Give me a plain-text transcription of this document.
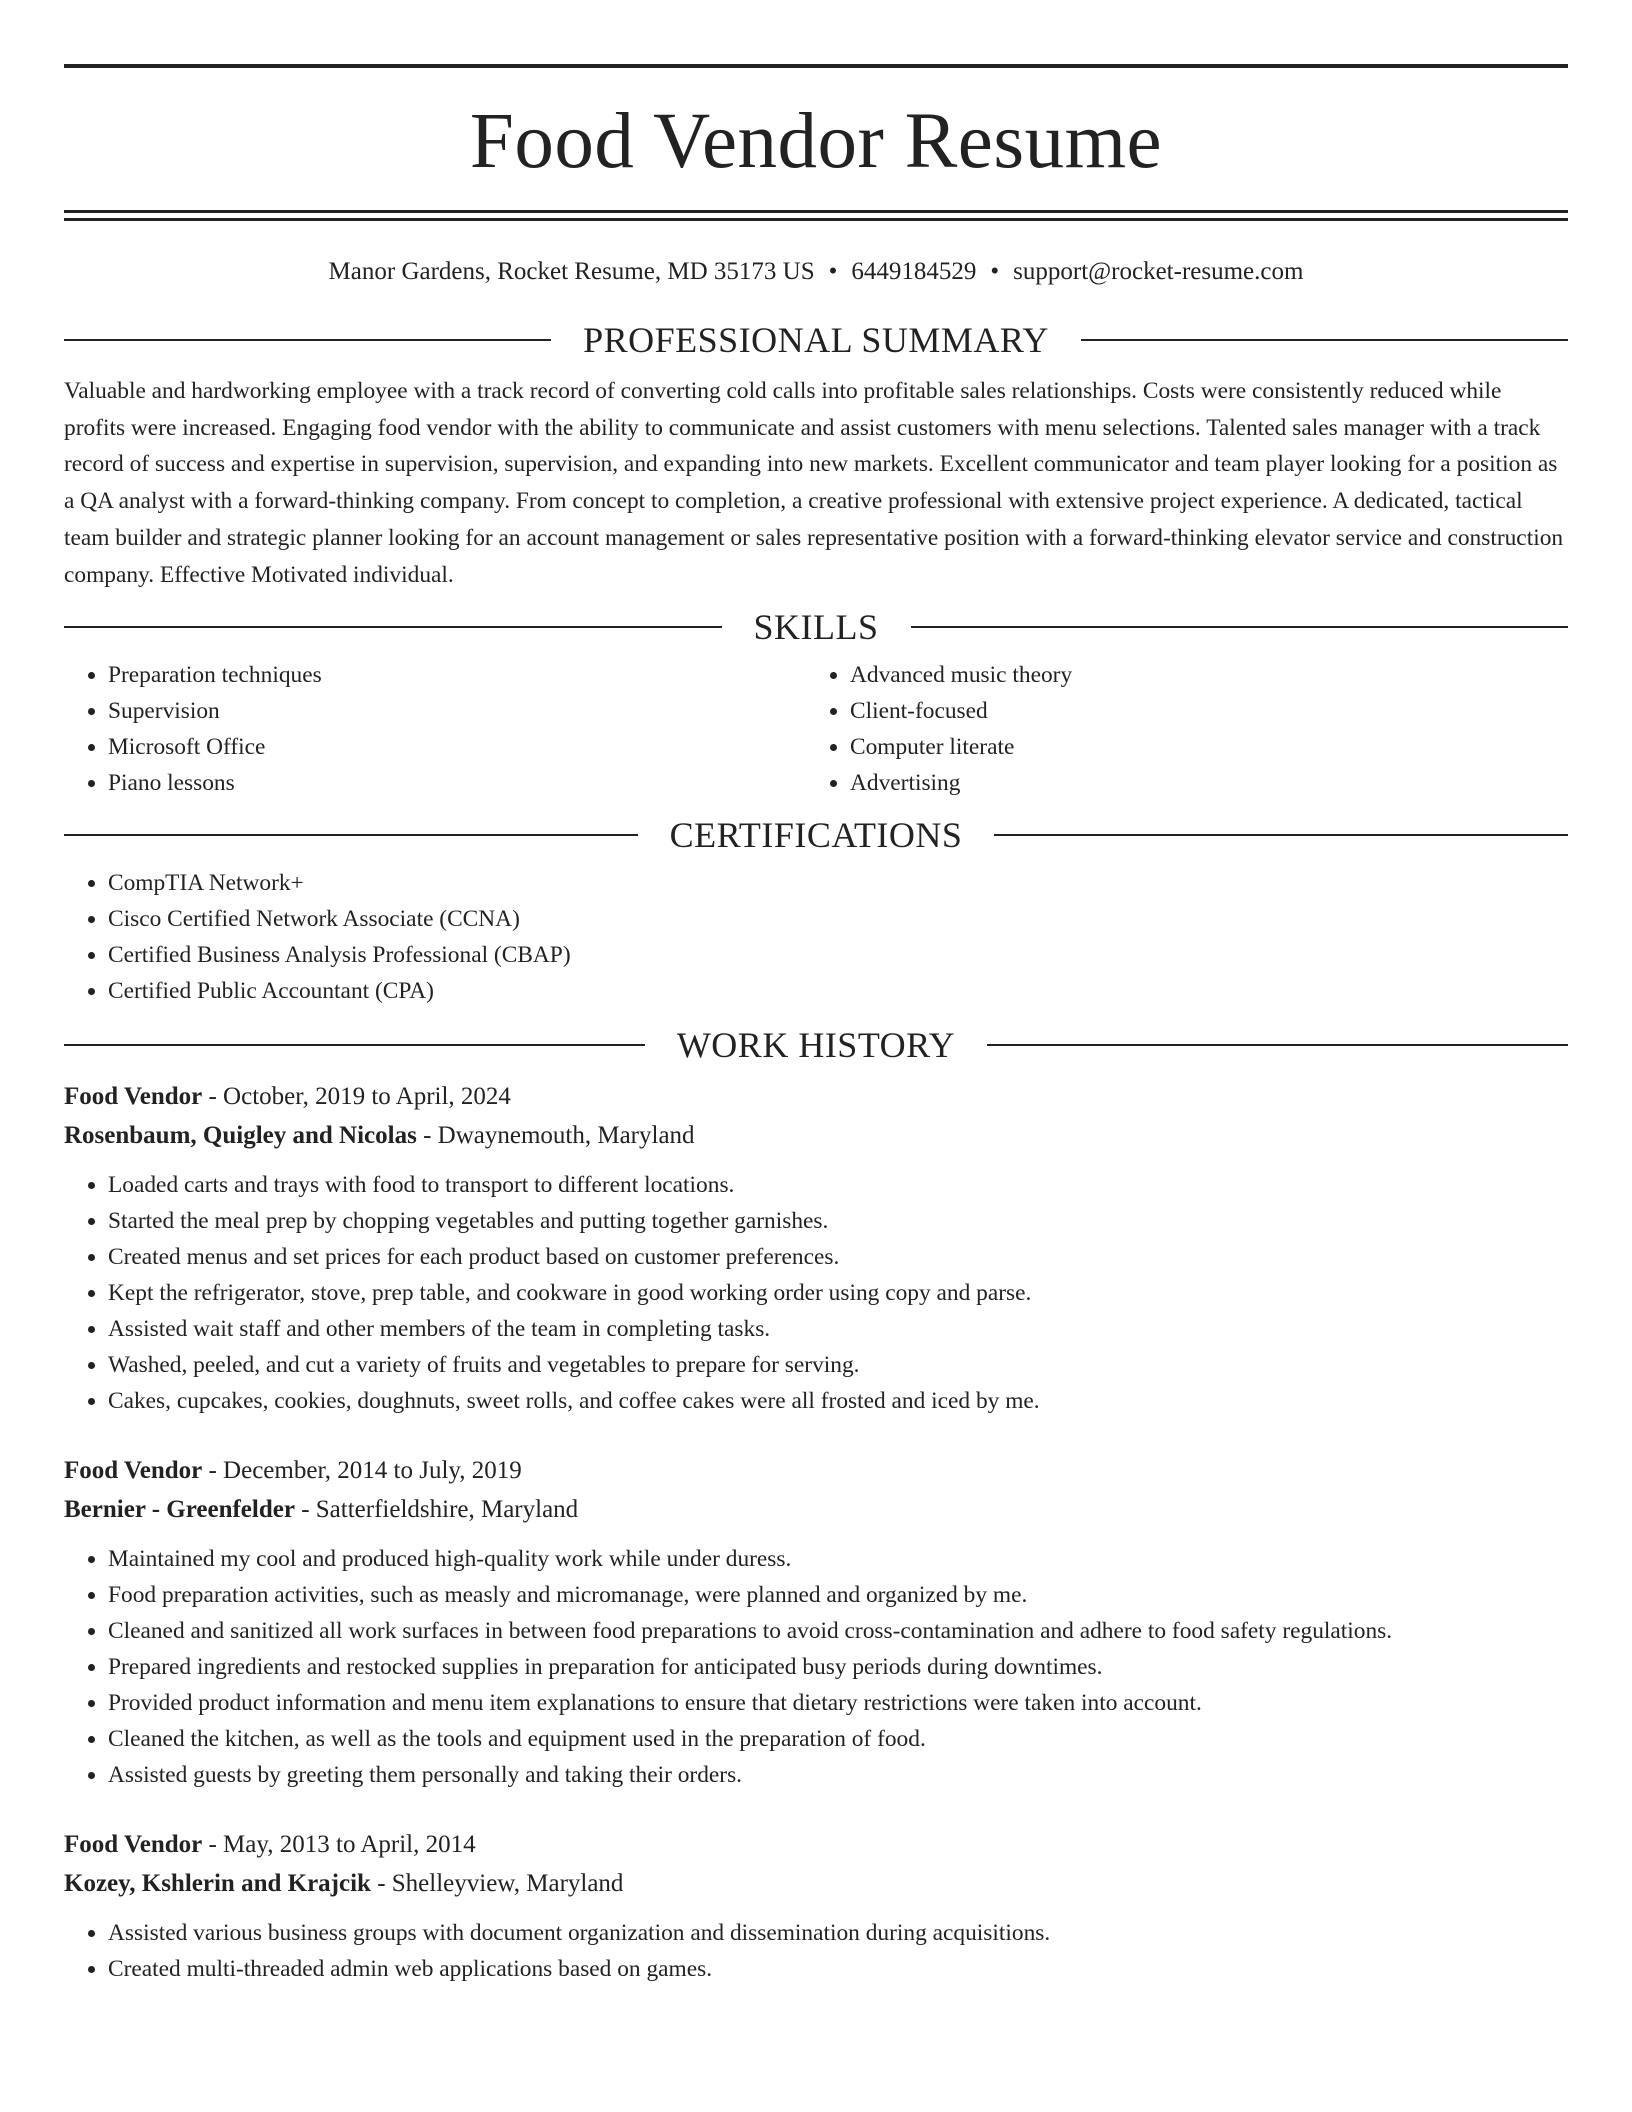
Food Vendor Resume
Manor Gardens, Rocket Resume, MD 35173 US • 6449184529 • support@rocket-resume.com
PROFESSIONAL SUMMARY

Valuable and hardworking employee with a track record of converting cold calls into profitable sales relationships. Costs were consistently reduced while profits were increased. Engaging food vendor with the ability to communicate and assist customers with menu selections. Talented sales manager with a track record of success and expertise in supervision, supervision, and expanding into new markets. Excellent communicator and team player looking for a position as a QA analyst with a forward-thinking company. From concept to completion, a creative professional with extensive project experience. A dedicated, tactical team builder and strategic planner looking for an account management or sales representative position with a forward-thinking elevator service and construction company. Effective Motivated individual.

SKILLS
• Preparation techniques
• Supervision
• Microsoft Office
• Piano lessons
• Advanced music theory
• Client-focused
• Computer literate
• Advertising
CERTIFICATIONS
• CompTIA Network+
• Cisco Certified Network Associate (CCNA)
• Certified Business Analysis Professional (CBAP)
• Certified Public Accountant (CPA)
WORK HISTORY
Food Vendor - October, 2019 to April, 2024
Rosenbaum, Quigley and Nicolas - Dwaynemouth, Maryland
• Loaded carts and trays with food to transport to different locations.
• Started the meal prep by chopping vegetables and putting together garnishes.
• Created menus and set prices for each product based on customer preferences.
• Kept the refrigerator, stove, prep table, and cookware in good working order using copy and parse.
• Assisted wait staff and other members of the team in completing tasks.
• Washed, peeled, and cut a variety of fruits and vegetables to prepare for serving.
• Cakes, cupcakes, cookies, doughnuts, sweet rolls, and coffee cakes were all frosted and iced by me.
Food Vendor - December, 2014 to July, 2019
Bernier - Greenfelder - Satterfieldshire, Maryland
• Maintained my cool and produced high-quality work while under duress.
• Food preparation activities, such as measly and micromanage, were planned and organized by me.
• Cleaned and sanitized all work surfaces in between food preparations to avoid cross-contamination and adhere to food safety regulations.
• Prepared ingredients and restocked supplies in preparation for anticipated busy periods during downtimes.
• Provided product information and menu item explanations to ensure that dietary restrictions were taken into account.
• Cleaned the kitchen, as well as the tools and equipment used in the preparation of food.
• Assisted guests by greeting them personally and taking their orders.
Food Vendor - May, 2013 to April, 2014
Kozey, Kshlerin and Krajcik - Shelleyview, Maryland
• Assisted various business groups with document organization and dissemination during acquisitions.
• Created multi-threaded admin web applications based on games.
